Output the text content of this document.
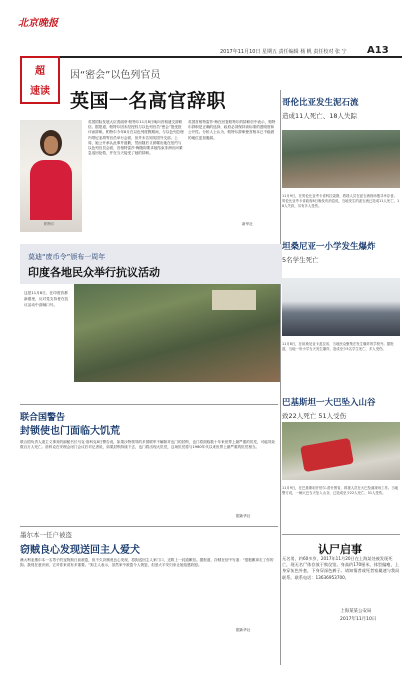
北京晚报
2017年11月10日 星期五 责任编辑 杨 帆 责任校对 张 宁 A13
超
速读
因“密会”以色列官员
英国一名高官辞职
帕特尔
英国国际发展大臣普丽蒂·帕特尔11月8日晚向首相递交辞职信。据报道，帕特尔因未经授权与以色列官员“密会”饱受批评而辞职。帕特尔今年8月在以色列度假期间，与以色列总理内塔尼亚胡等官员举行会面，但并未告知英国外交部。上周，她公开承认此事并道歉，然而随后又被曝出她在纽约与以色列官员会面，首相特雷莎·梅随即要求她结束非洲访问紧急返回伦敦，并在当天接受了她的辞职。
英国首相特雷莎·梅在回复帕特尔的辞职信中表示，帕特尔辞职是正确的选择，政府必须保持高标准的透明度和公开性。分析人士认为，帕特尔辞职使首相本已不稳固的地位更加脆弱。
新华社
哥伦比亚发生泥石流
造成11人死亡、18人失踪
11月9日，在哥伦比亚考卡省科拉索斯，救援人员在泥石流现场搜寻幸存者。哥伦比亚考卡省政府8日晚发布消息说，当地发生的泥石流已造成11人死亡，18人失踪，另有多人受伤。
莫迪“废币令”颁布一周年
印度各地民众举行抗议活动
这是11月8日，在印度首都新德里，反对党支持者在抗议活动中高喊口号。
坦桑尼亚一小学发生爆炸
5名学生死亡
11月8日，在坦桑尼亚卡盖拉省，当地民众聚集在发生爆炸的学校外。据报道，当地一所小学当天发生爆炸，造成至少5名学生死亡，多人受伤。
巴基斯坦一大巴坠入山谷
致22人死亡 51人受伤
11月9日，在巴基斯坦开伯尔-普什图省，救援人员在大巴坠落现场工作。当地警方说，一辆大巴当天坠入山谷，已造成至少22人死亡、51人受伤。
联合国警告
封锁使也门面临大饥荒
联合国负责人道主义事务的副秘书长马克·洛科克8日警告说，如果沙特领导的多国联军不解除对也门的封锁，也门将面临数十年来世界上最严重的饥荒，可能导致数百万人死亡。洛科克在安理会闭门会议后对记者说，如果封锁持续下去，也门将出现大饥荒，这场饥荒将与1960年代以来世界上最严重的饥荒相当。
据新华社
墨尔本一任户被盗
窃贼良心发现送回主人爱犬
澳大利亚墨尔本一名男子的宠物狗日前被盗，但不久窃贼竟良心发现，将狗送回主人家门口，还附上一封道歉信。据报道，窃贼在信中写道：“很抱歉拿走了你的狗。我现在意识到，它对你来说有多重要。”狗主人表示，虽然家中被盗令人愤怒，但爱犬平安归来让她倍感欣慰。
据新华社
认尸启事
无名男，约60多岁，2017年11月20日在上海某处被发现死亡，现无名尸体存放于殡仪馆。身高约170厘米，体型偏瘦，上身穿灰色外套，下身穿深色裤子。请知情者或死者家属速与我局联系。联系电话：13636953700。
上海某某公安局
2017年11月10日
